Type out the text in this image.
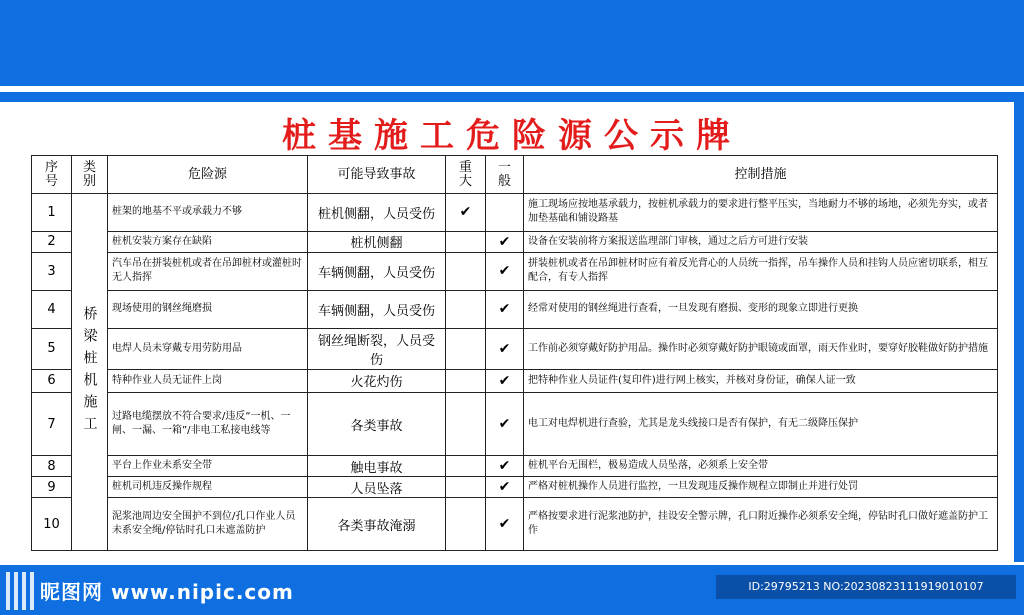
桩基施工危险源公示牌
序号	类别	危险源	可能导致事故	重大	一般	控制措施
1	桥梁桩机施工	桩架的地基不平或承载力不够	桩机侧翻，人员受伤	✔		施工现场应按地基承载力，按桩机承载力的要求进行整平压实，当地耐力不够的场地，必须先夯实，或者加垫基础和铺设路基
2		桩机安装方案存在缺陷	桩机侧翻		✔	设备在安装前将方案报送监理部门审核，通过之后方可进行安装
3		汽车吊在拼装桩机或者在吊卸桩材或灌桩时无人指挥	车辆侧翻，人员受伤		✔	拼装桩机或者在吊卸桩材时应有着反光背心的人员统一指挥，吊车操作人员和挂钩人员应密切联系，相互配合，有专人指挥
4		现场使用的钢丝绳磨损	车辆侧翻，人员受伤		✔	经常对使用的钢丝绳进行查看，一旦发现有磨损、变形的现象立即进行更换
5		电焊人员未穿戴专用劳防用品	钢丝绳断裂，人员受伤		✔	工作前必须穿戴好防护用品。操作时必须穿戴好防护眼镜或面罩，雨天作业时，要穿好胶鞋做好防护措施
6		特种作业人员无证件上岗	火花灼伤		✔	把特种作业人员证件(复印件)进行网上核实，并核对身份证，确保人证一致
7		过路电缆摆放不符合要求/违反“一机、一闸、一漏、一箱”/非电工私接电线等	各类事故		✔	电工对电焊机进行查验，尤其是龙头线接口是否有保护，有无二级降压保护
8		平台上作业未系安全带	触电事故		✔	桩机平台无围栏，极易造成人员坠落，必须系上安全带
9		桩机司机违反操作规程	人员坠落		✔	严格对桩机操作人员进行监控，一旦发现违反操作规程立即制止并进行处罚
10		泥浆池周边安全围护不到位/孔口作业人员未系安全绳/停钻时孔口未遮盖防护	各类事故淹溺		✔	严格按要求进行泥浆池防护，挂设安全警示牌，孔口附近操作必须系安全绳，停钻时孔口做好遮盖防护工作
昵图网 www.nipic.com	ID:29795213 NO:20230823111919010107
